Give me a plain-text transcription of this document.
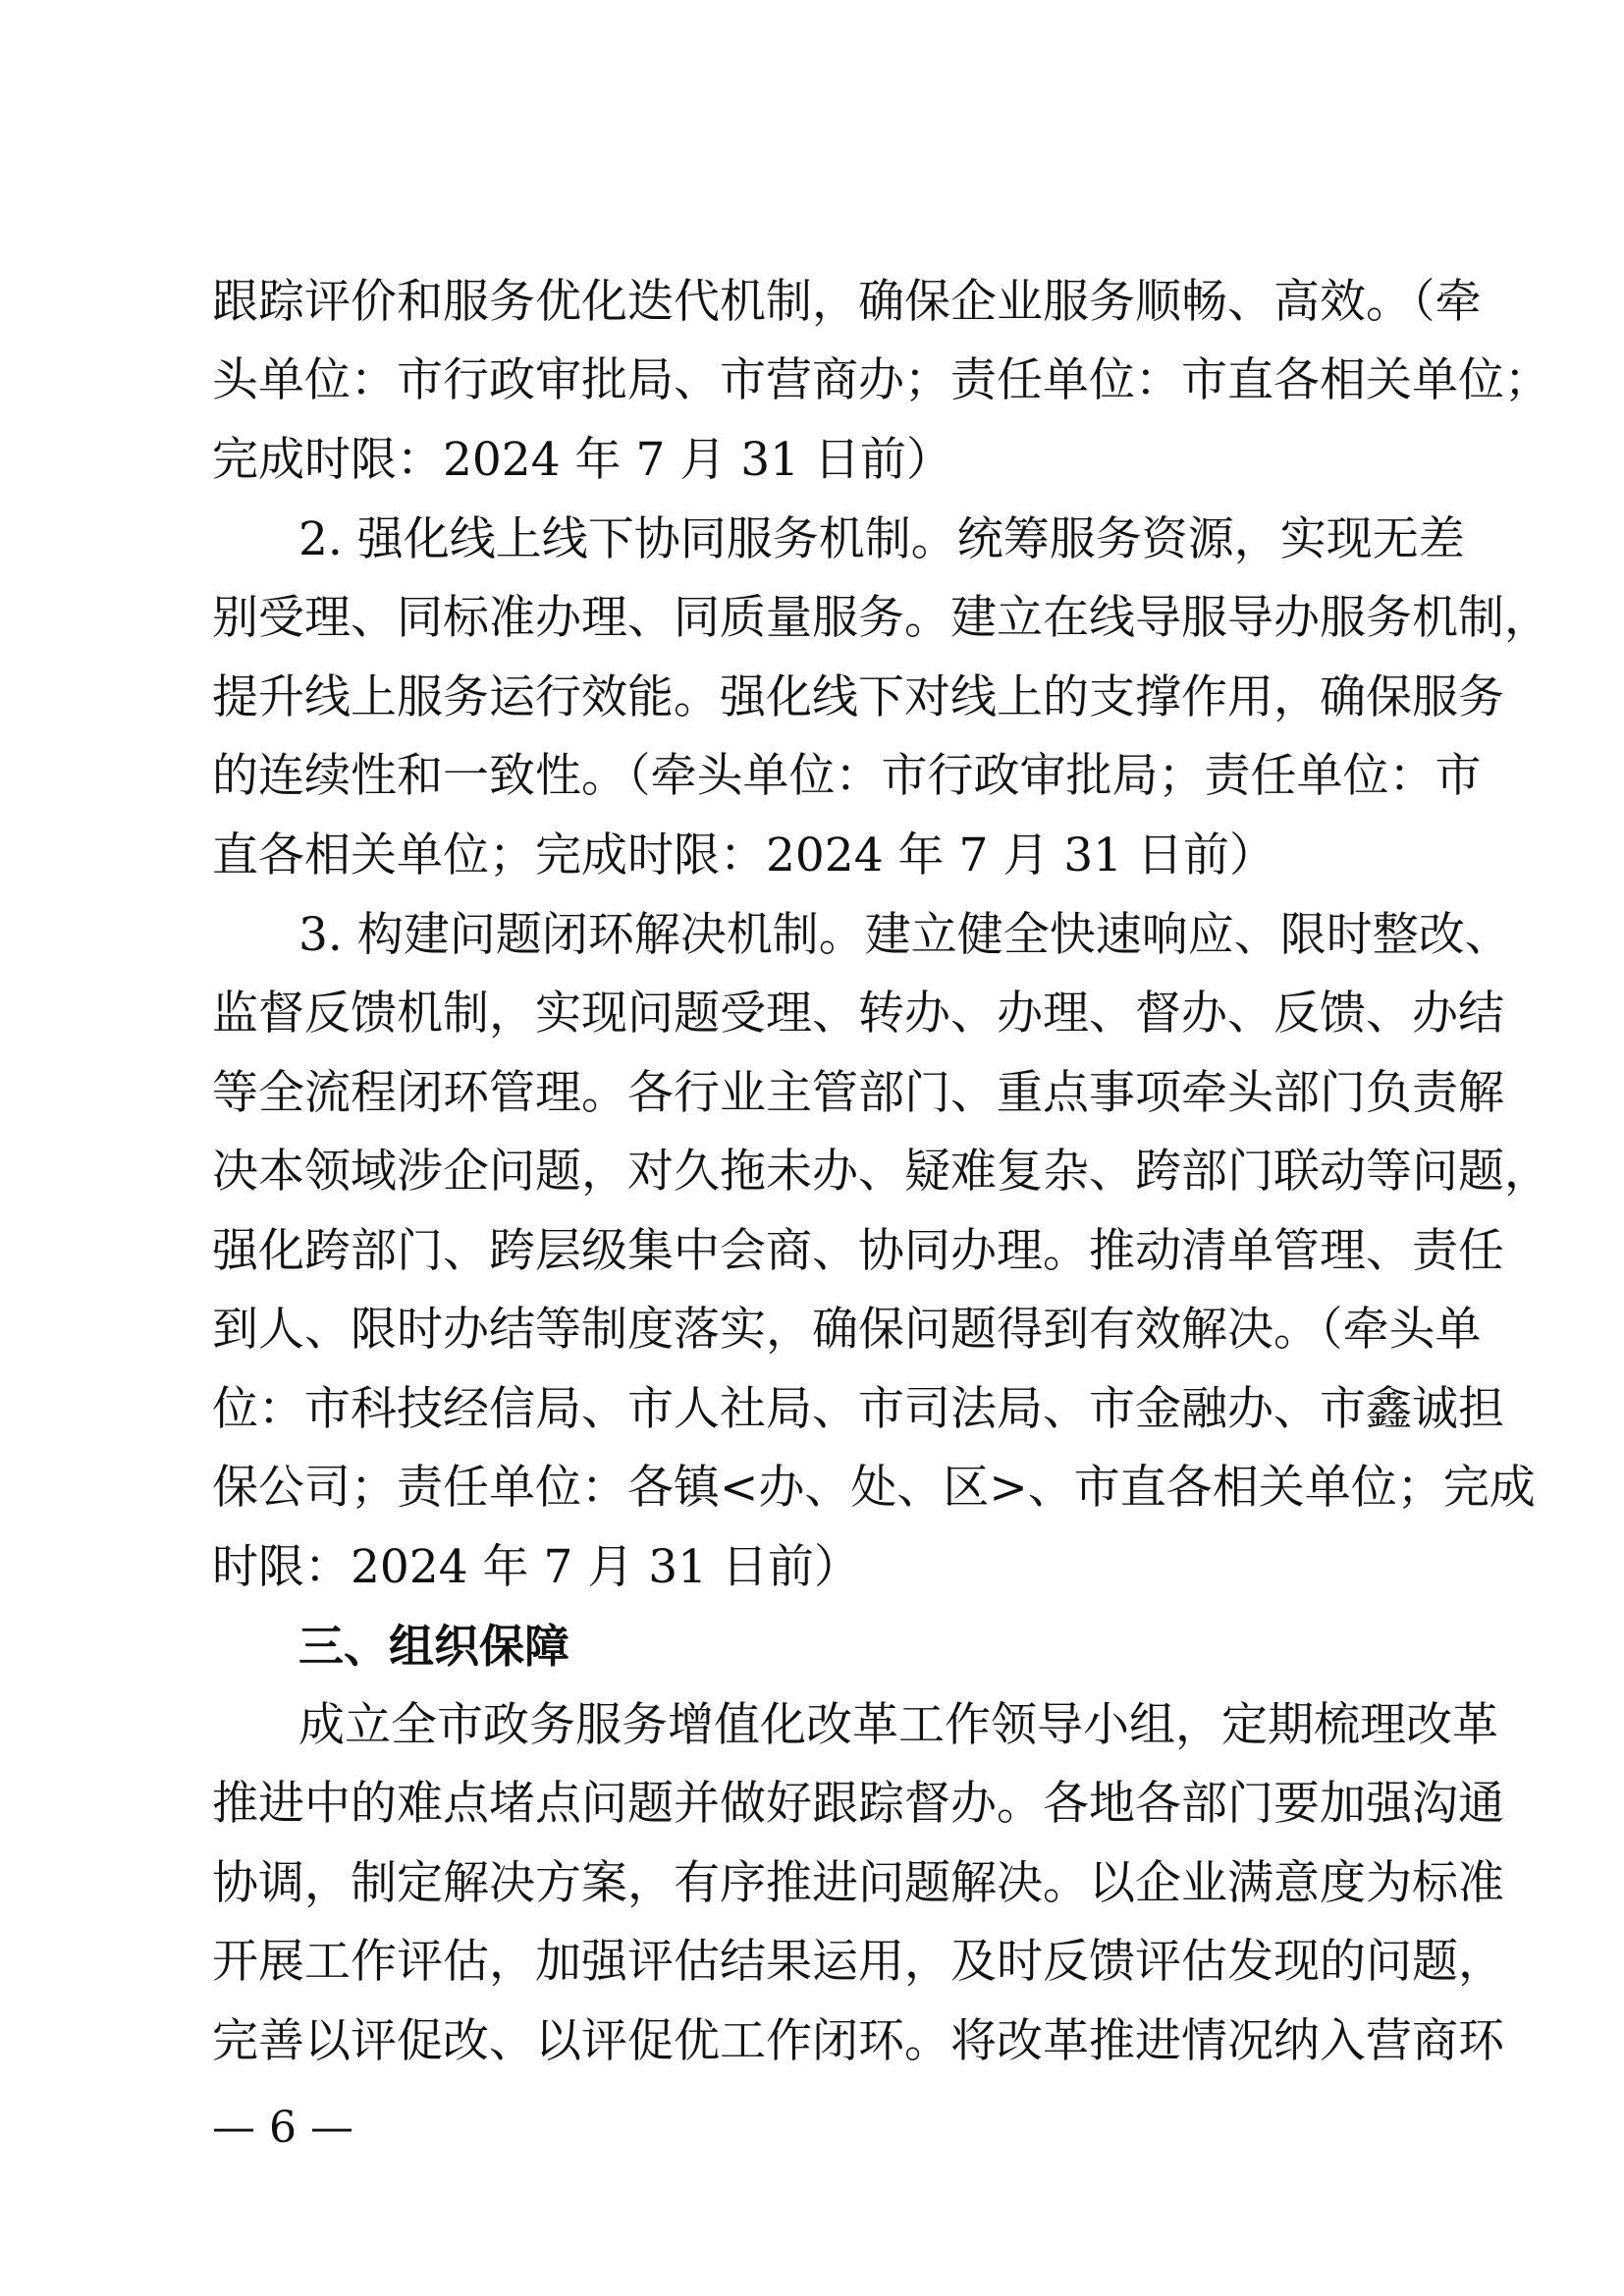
跟踪评价和服务优化迭代机制，确保企业服务顺畅、高效。（牵
头单位：市行政审批局、市营商办；责任单位：市直各相关单位；
完成时限：2024 年 7 月 31 日前）
2. 强化线上线下协同服务机制。统筹服务资源，实现无差
别受理、同标准办理、同质量服务。建立在线导服导办服务机制，
提升线上服务运行效能。强化线下对线上的支撑作用，确保服务
的连续性和一致性。（牵头单位：市行政审批局；责任单位：市
直各相关单位；完成时限：2024 年 7 月 31 日前）
3. 构建问题闭环解决机制。建立健全快速响应、限时整改、
监督反馈机制，实现问题受理、转办、办理、督办、反馈、办结
等全流程闭环管理。各行业主管部门、重点事项牵头部门负责解
决本领域涉企问题，对久拖未办、疑难复杂、跨部门联动等问题，
强化跨部门、跨层级集中会商、协同办理。推动清单管理、责任
到人、限时办结等制度落实，确保问题得到有效解决。（牵头单
位：市科技经信局、市人社局、市司法局、市金融办、市鑫诚担
保公司；责任单位：各镇<办、处、区>、市直各相关单位；完成
时限：2024 年 7 月 31 日前）
三、组织保障
成立全市政务服务增值化改革工作领导小组，定期梳理改革
推进中的难点堵点问题并做好跟踪督办。各地各部门要加强沟通
协调，制定解决方案，有序推进问题解决。以企业满意度为标准
开展工作评估，加强评估结果运用，及时反馈评估发现的问题，
完善以评促改、以评促优工作闭环。将改革推进情况纳入营商环
— 6 —
